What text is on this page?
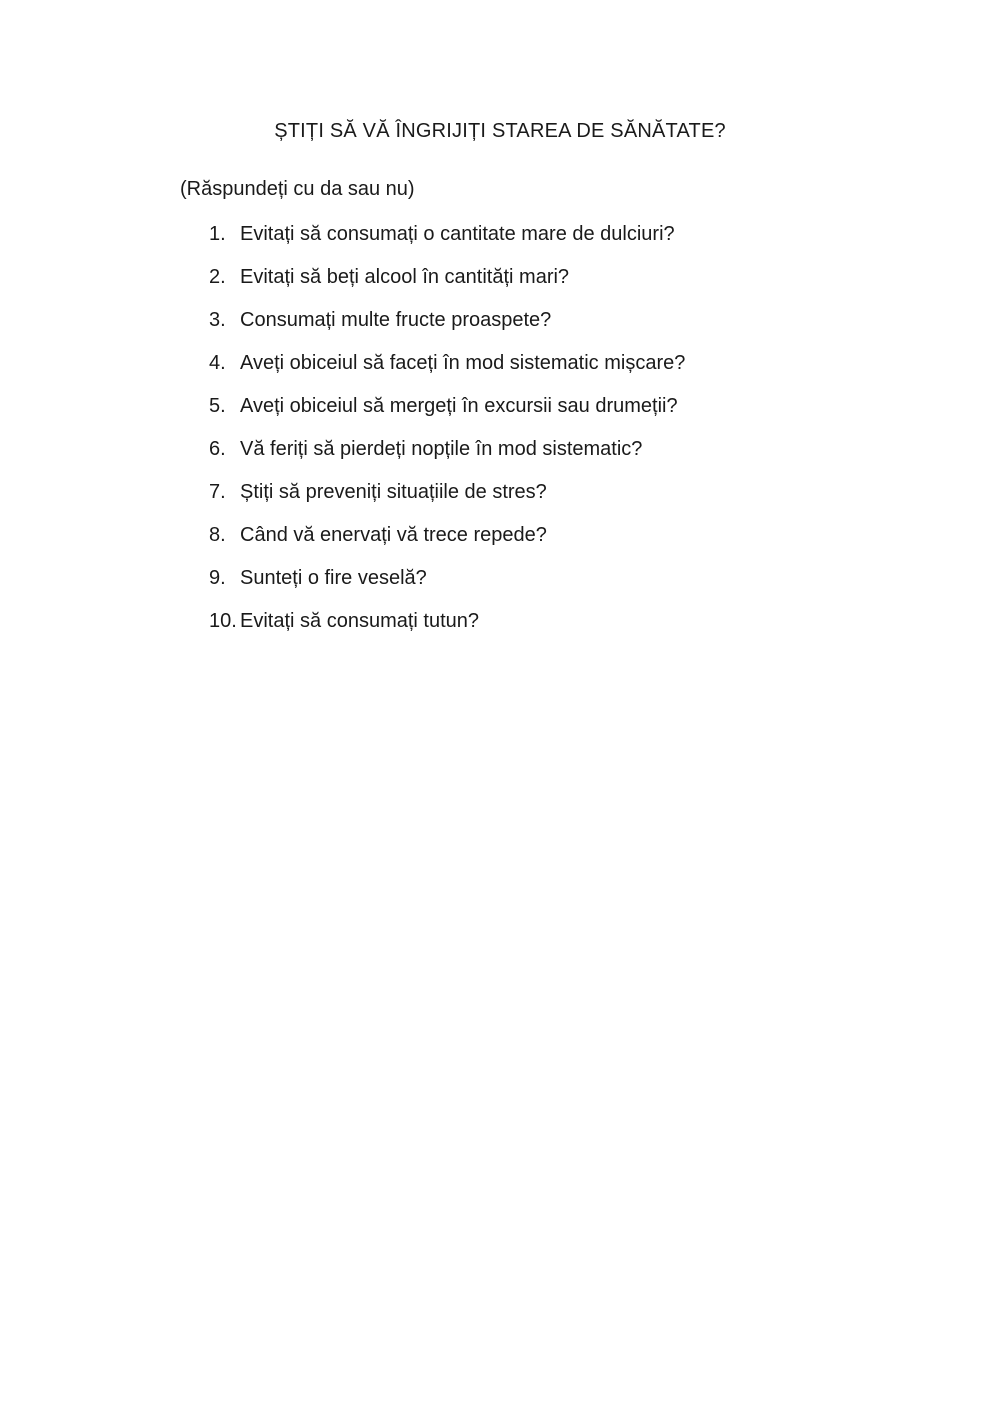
ȘTIȚI SĂ VĂ ÎNGRIJIȚI STAREA DE SĂNĂTATE?
(Răspundeți cu da sau nu)
1. Evitați să consumați o cantitate mare de dulciuri?
2. Evitați să beți alcool în cantități mari?
3. Consumați multe fructe proaspete?
4. Aveți obiceiul să faceți în mod sistematic mișcare?
5. Aveți obiceiul să mergeți în excursii sau drumeții?
6. Vă feriți să pierdeți nopțile în mod sistematic?
7. Știți să preveniți situațiile de stres?
8. Când vă enervați vă trece repede?
9. Sunteți o fire veselă?
10. Evitați să consumați tutun?
